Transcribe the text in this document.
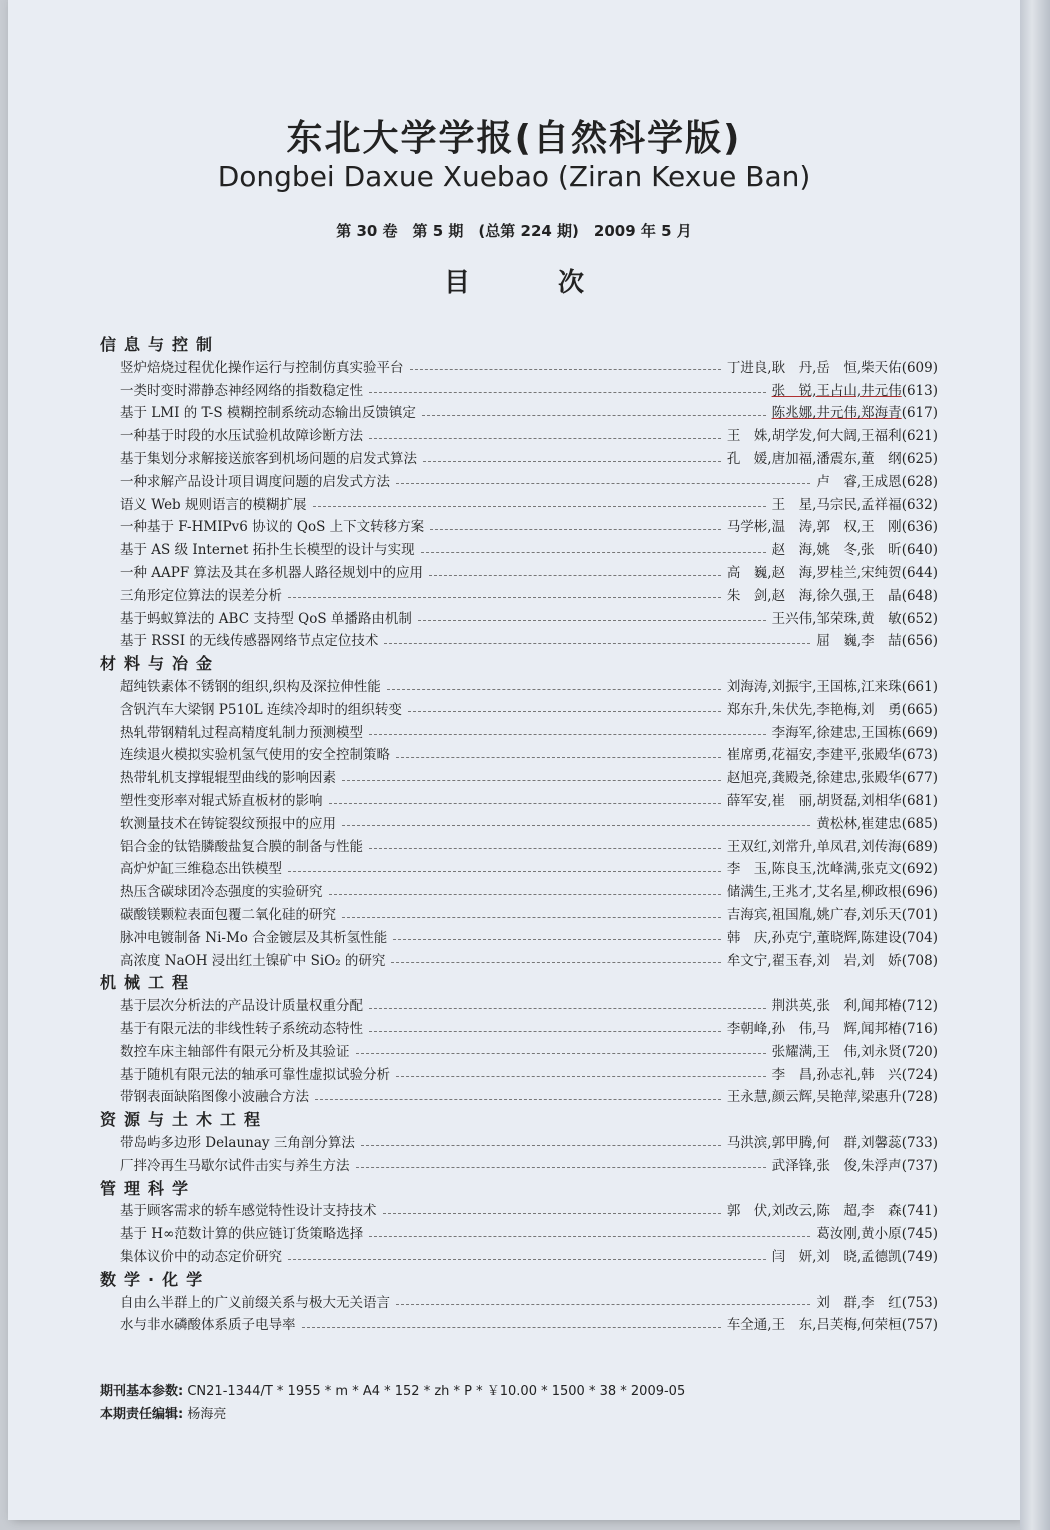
东北大学学报(自然科学版)
Dongbei Daxue Xuebao (Ziran Kexue Ban)
第 30 卷　第 5 期　(总第 224 期)　2009 年 5 月
目次
信息与控制
竖炉焙烧过程优化操作运行与控制仿真实验平台	丁进良,耿　丹,岳　恒,柴天佑 (609)
一类时变时滞静态神经网络的指数稳定性	张　锐,王占山,井元伟 (613)
基于 LMI 的 T-S 模糊控制系统动态输出反馈镇定	陈兆娜,井元伟,郑海青 (617)
一种基于时段的水压试验机故障诊断方法	王　姝,胡学发,何大阔,王福利 (621)
基于集划分求解接送旅客到机场问题的启发式算法	孔　媛,唐加福,潘震东,董　纲 (625)
一种求解产品设计项目调度问题的启发式方法	卢　睿,王成恩 (628)
语义 Web 规则语言的模糊扩展	王　星,马宗民,孟祥福 (632)
一种基于 F-HMIPv6 协议的 QoS 上下文转移方案	马学彬,温　涛,郭　权,王　刚 (636)
基于 AS 级 Internet 拓扑生长模型的设计与实现	赵　海,姚　冬,张　昕 (640)
一种 AAPF 算法及其在多机器人路径规划中的应用	高　巍,赵　海,罗桂兰,宋纯贺 (644)
三角形定位算法的误差分析	朱　剑,赵　海,徐久强,王　晶 (648)
基于蚂蚁算法的 ABC 支持型 QoS 单播路由机制	王兴伟,邹荣珠,黄　敏 (652)
基于 RSSI 的无线传感器网络节点定位技术	屈　巍,李　喆 (656)
材料与冶金
超纯铁素体不锈钢的组织,织构及深拉伸性能	刘海涛,刘振宇,王国栋,江来珠 (661)
含钒汽车大梁钢 P510L 连续冷却时的组织转变	郑东升,朱伏先,李艳梅,刘　勇 (665)
热轧带钢精轧过程高精度轧制力预测模型	李海军,徐建忠,王国栋 (669)
连续退火模拟实验机氢气使用的安全控制策略	崔席勇,花福安,李建平,张殿华 (673)
热带轧机支撑辊辊型曲线的影响因素	赵旭亮,龚殿尧,徐建忠,张殿华 (677)
塑性变形率对辊式矫直板材的影响	薛军安,崔　丽,胡贤磊,刘相华 (681)
软测量技术在铸锭裂纹预报中的应用	黄松林,崔建忠 (685)
铝合金的钛锆膦酸盐复合膜的制备与性能	王双红,刘常升,单凤君,刘传海 (689)
高炉炉缸三维稳态出铁模型	李　玉,陈良玉,沈峰满,张克文 (692)
热压含碳球团冷态强度的实验研究	储满生,王兆才,艾名星,柳政根 (696)
碳酸镁颗粒表面包覆二氧化硅的研究	吉海宾,祖国胤,姚广春,刘乐天 (701)
脉冲电镀制备 Ni-Mo 合金镀层及其析氢性能	韩　庆,孙克宁,董晓辉,陈建设 (704)
高浓度 NaOH 浸出红土镍矿中 SiO₂ 的研究	牟文宁,翟玉春,刘　岩,刘　娇 (708)
机械工程
基于层次分析法的产品设计质量权重分配	荆洪英,张　利,闻邦椿 (712)
基于有限元法的非线性转子系统动态特性	李朝峰,孙　伟,马　辉,闻邦椿 (716)
数控车床主轴部件有限元分析及其验证	张耀满,王　伟,刘永贤 (720)
基于随机有限元法的轴承可靠性虚拟试验分析	李　昌,孙志礼,韩　兴 (724)
带钢表面缺陷图像小波融合方法	王永慧,颜云辉,吴艳萍,梁惠升 (728)
资源与土木工程
带岛屿多边形 Delaunay 三角剖分算法	马洪滨,郭甲腾,何　群,刘馨蕊 (733)
厂拌冷再生马歇尔试件击实与养生方法	武泽锋,张　俊,朱浮声 (737)
管理科学
基于顾客需求的轿车感觉特性设计支持技术	郭　伏,刘改云,陈　超,李　森 (741)
基于 H∞范数计算的供应链订货策略选择	葛汝刚,黄小原 (745)
集体议价中的动态定价研究	闫　妍,刘　晓,孟德凯 (749)
数学·化学
自由么半群上的广义前缀关系与极大无关语言	刘　群,李　红 (753)
水与非水磷酸体系质子电导率	车全通,王　东,吕芙梅,何荣桓 (757)
期刊基本参数: CN21-1344/T * 1955 * m * A4 * 152 * zh * P * ￥10.00 * 1500 * 38 * 2009-05
本期责任编辑: 杨海亮
